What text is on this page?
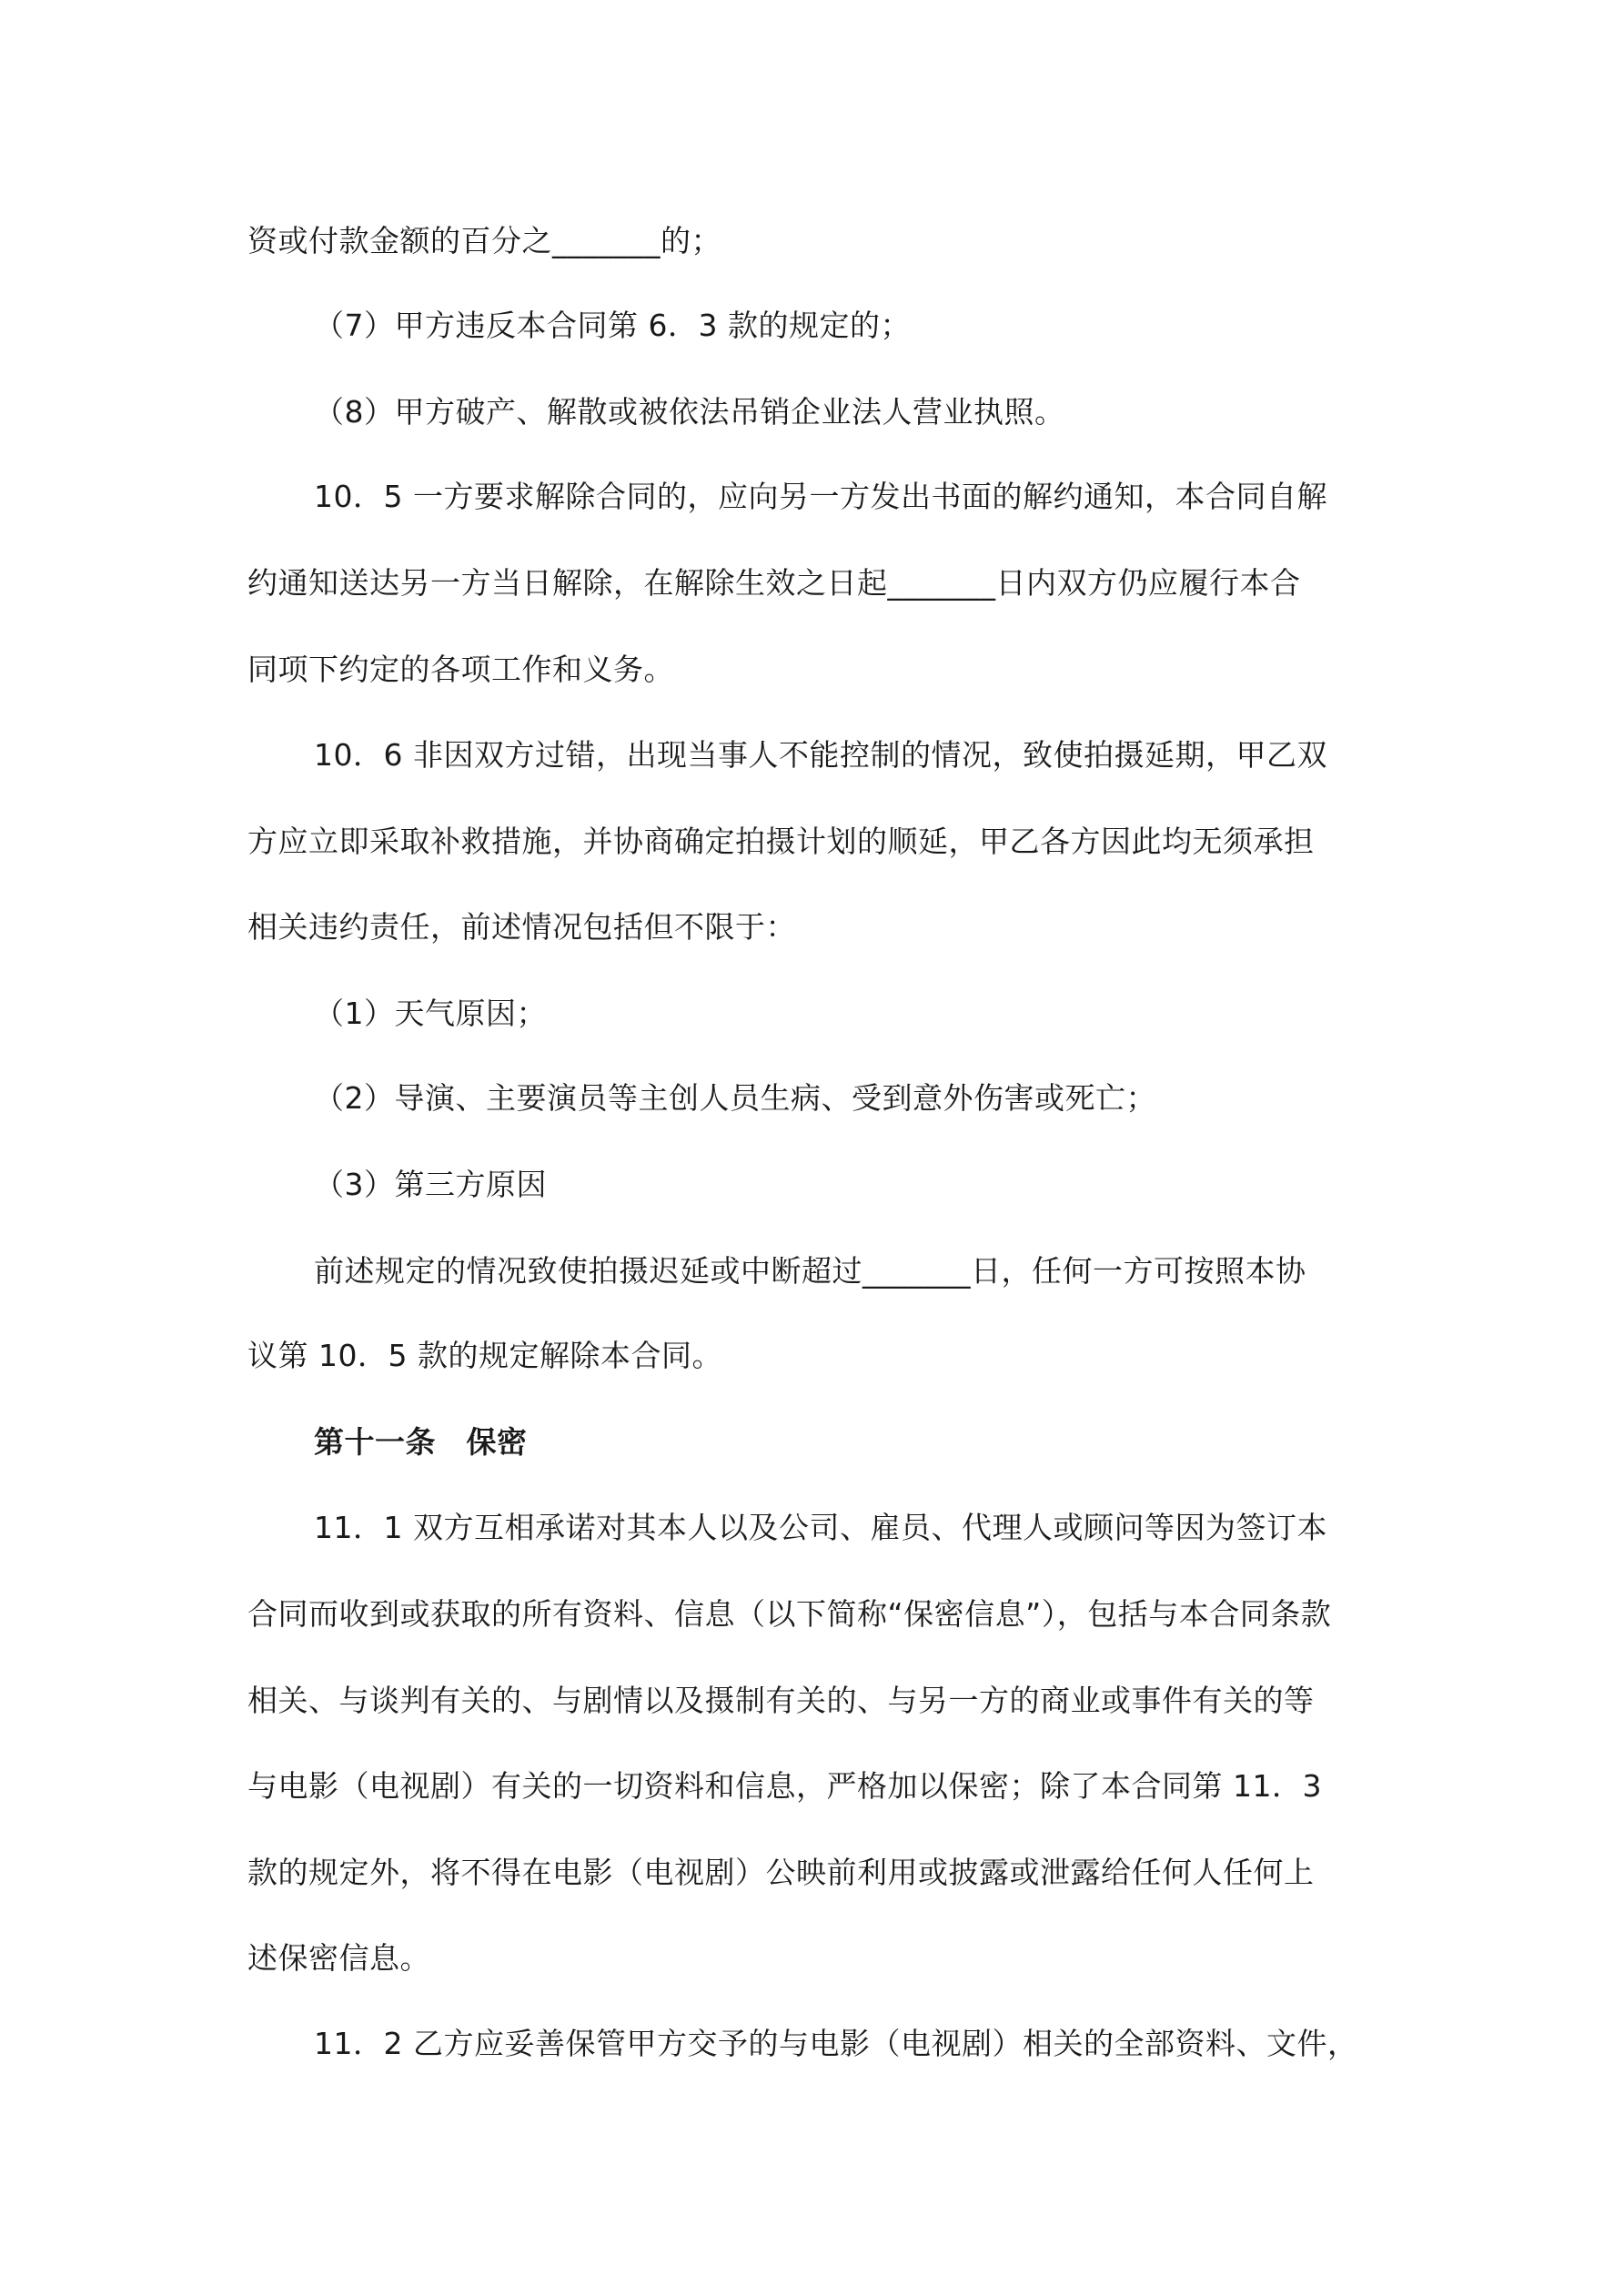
资或付款金额的百分之_______的；
（7）甲方违反本合同第 6．3 款的规定的；
（8）甲方破产、解散或被依法吊销企业法人营业执照。
10．5 一方要求解除合同的，应向另一方发出书面的解约通知，本合同自解
约通知送达另一方当日解除，在解除生效之日起_______日内双方仍应履行本合
同项下约定的各项工作和义务。
10．6 非因双方过错，出现当事人不能控制的情况，致使拍摄延期，甲乙双
方应立即采取补救措施，并协商确定拍摄计划的顺延，甲乙各方因此均无须承担
相关违约责任，前述情况包括但不限于：
（1）天气原因；
（2）导演、主要演员等主创人员生病、受到意外伤害或死亡；
（3）第三方原因
前述规定的情况致使拍摄迟延或中断超过_______日，任何一方可按照本协
议第 10．5 款的规定解除本合同。
第十一条　保密
11．1 双方互相承诺对其本人以及公司、雇员、代理人或顾问等因为签订本
合同而收到或获取的所有资料、信息（以下简称“保密信息”），包括与本合同条款
相关、与谈判有关的、与剧情以及摄制有关的、与另一方的商业或事件有关的等
与电影（电视剧）有关的一切资料和信息，严格加以保密；除了本合同第 11．3
款的规定外，将不得在电影（电视剧）公映前利用或披露或泄露给任何人任何上
述保密信息。
11．2 乙方应妥善保管甲方交予的与电影（电视剧）相关的全部资料、文件，
